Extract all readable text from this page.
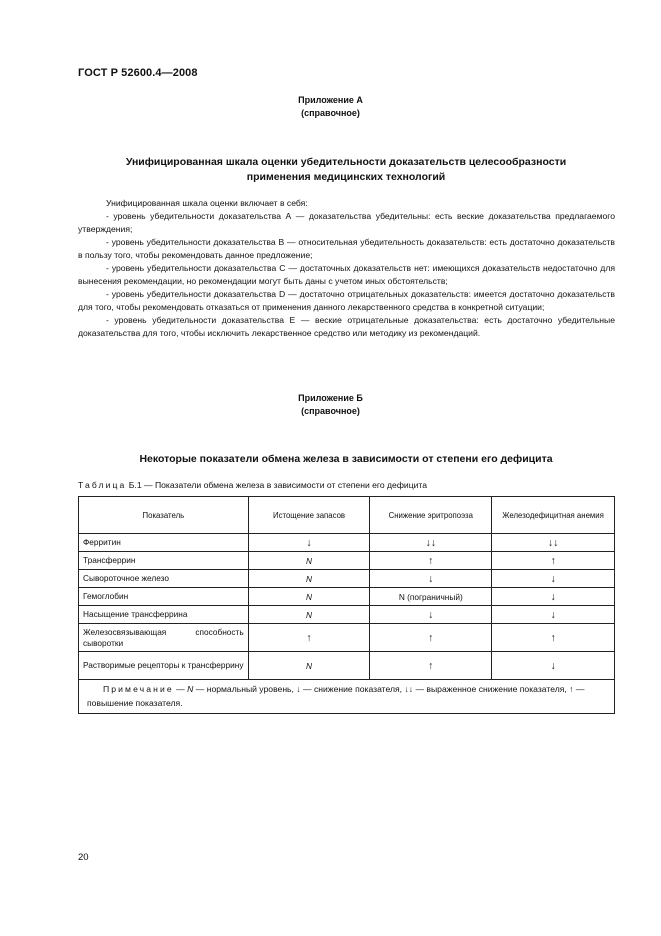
ГОСТ Р 52600.4—2008
Приложение А
(справочное)
Унифицированная шкала оценки убедительности доказательств целесообразности
применения медицинских технологий

Унифицированная шкала оценки включает в себя:

- уровень убедительности доказательства А — доказательства убедительны: есть веские доказательства предлагаемого утверждения;

- уровень убедительности доказательства В — относительная убедительность доказательств: есть достаточно доказательств в пользу того, чтобы рекомендовать данное предложение;

- уровень убедительности доказательства С — достаточных доказательств нет: имеющихся доказательств недостаточно для вынесения рекомендации, но рекомендации могут быть даны с учетом иных обстоятельств;

- уровень убедительности доказательства D — достаточно отрицательных доказательств: имеется достаточно доказательств для того, чтобы рекомендовать отказаться от применения данного лекарственного средства в конкретной ситуации;

- уровень убедительности доказательства Е — веские отрицательные доказательства: есть достаточно убедительные доказательства для того, чтобы исключить лекарственное средство или методику из рекомендаций.

Приложение Б
(справочное)
Некоторые показатели обмена железа в зависимости от степени его дефицита
Таблица Б.1 — Показатели обмена железа в зависимости от степени его дефицита
Показатель	Истощение запасов	Снижение эритропоэза	Железодефицитная анемия
Ферритин	↓	↓↓	↓↓
Трансферрин	N	↑	↑
Сывороточное железо	N	↓	↓
Гемоглобин	N	N (пограничный)	↓
Насыщение трансферрина	N	↓	↓

Железосвязывающая способность сыворотки	↑	↑	↑
Растворимые рецепторы к трансферрину	N	↑	↓
Примечание — N — нормальный уровень, ↓ — снижение показателя, ↓↓ — выраженное снижение показателя, ↑ — повышение показателя.			
20
